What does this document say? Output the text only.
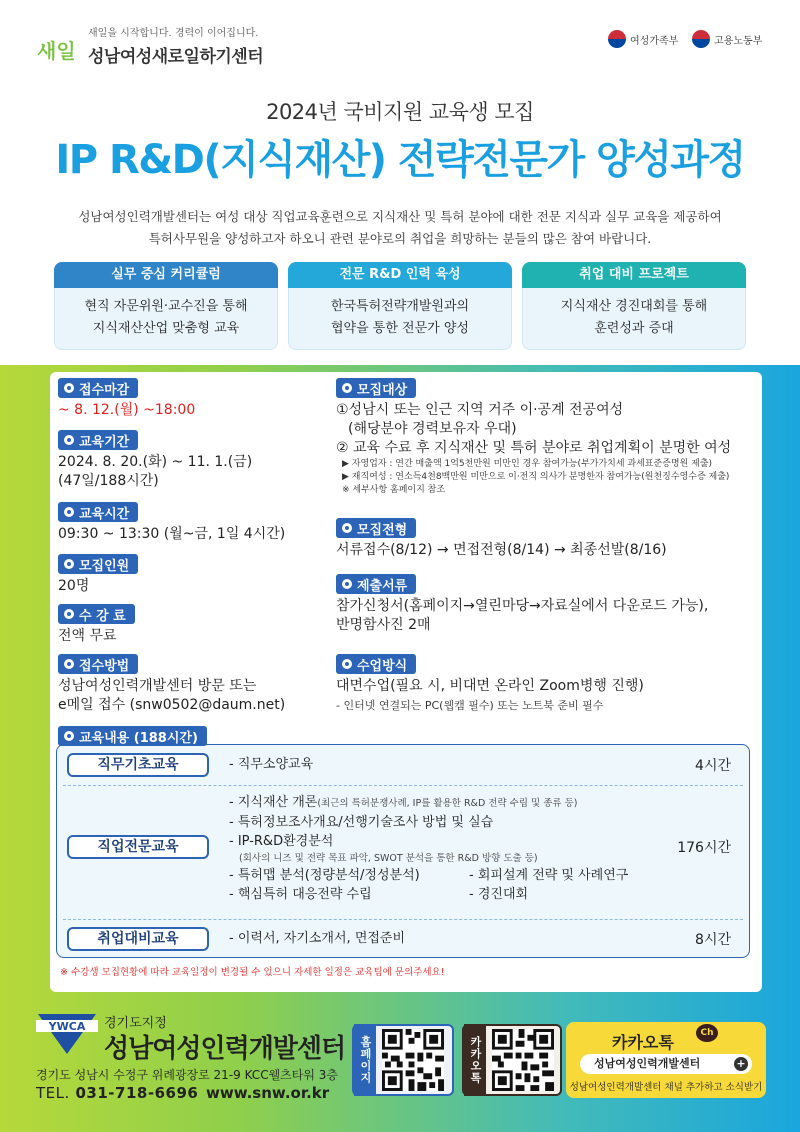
새일
새일을 시작합니다. 경력이 이어집니다.
성남여성새로일하기센터
여성가족부	고용노동부
2024년 국비지원 교육생 모집
IP R&D(지식재산) 전략전문가 양성과정
성남여성인력개발센터는 여성 대상 직업교육훈련으로 지식재산 및 특허 분야에 대한 전문 지식과 실무 교육을 제공하여
특허사무원을 양성하고자 하오니 관련 분야로의 취업을 희망하는 분들의 많은 참여 바랍니다.
실무 중심 커리큘럼
현직 자문위원·교수진을 통해
지식재산산업 맞춤형 교육
전문 R&D 인력 육성
한국특허전략개발원과의
협약을 통한 전문가 양성
취업 대비 프로젝트
지식재산 경진대회를 통해
훈련성과 증대
접수마감
~ 8. 12.(월) ~18:00
교육기간
2024. 8. 20.(화) ~ 11. 1.(금)
(47일/188시간)
교육시간
09:30 ~ 13:30 (월~금, 1일 4시간)
모집인원
20명
수 강 료
전액 무료
접수방법
성남여성인력개발센터 방문 또는
e메일 접수 (snw0502@daum.net)
모집대상
①성남시 또는 인근 지역 거주 이·공계 전공여성
(해당분야 경력보유자 우대)
② 교육 수료 후 지식재산 및 특허 분야로 취업계획이 분명한 여성
▶ 자영업자 : 연간 매출액 1억5천만원 미만인 경우 참여가능(부가가치세 과세표준증명원 제출)
▶ 재직여성 : 연소득4천8백만원 미만으로 이·전직 의사가 분명한자 참여가능(원천징수영수증 제출)
※ 세부사항 홈페이지 참조
모집전형
서류접수(8/12) → 면접전형(8/14) → 최종선발(8/16)
제출서류
참가신청서(홈페이지→열린마당→자료실에서 다운로드 가능),
반명함사진 2매
수업방식
대면수업(필요 시, 비대면 온라인 Zoom병행 진행)
- 인터넷 연결되는 PC(웹캠 필수) 또는 노트북 준비 필수
직무기초교육	- 직무소양교육	4시간
직업전문교육
- 지식재산 개론(최근의 특허분쟁사례, IP를 활용한 R&D 전략 수립 및 종류 등)
- 특허정보조사개요/선행기술조사 방법 및 실습
- IP-R&D환경분석
(회사의 니즈 및 전략 목표 파악, SWOT 분석을 통한 R&D 방향 도출 등)
- 특허맵 분석(정량분석/정성분석)	- 회피설계 전략 및 사례연구
- 핵심특허 대응전략 수립	- 경진대회
176시간
취업대비교육	- 이력서, 자기소개서, 면접준비	8시간
교육내용 (188시간)
※ 수강생 모집현황에 따라 교육일정이 변경될 수 있으니 자세한 일정은 교육팀에 문의주세요!
YWCA 경기도지정
성남여성인력개발센터
경기도 성남시 수정구 위례광장로 21-9 KCC웰츠타워 3층
TEL. 031-718-6696 www.snw.or.kr
홈페이지	카카오톡	카카오톡	Ch
성남여성인력개발센터	+
성남여성인력개발센터 채널 추가하고 소식받기
